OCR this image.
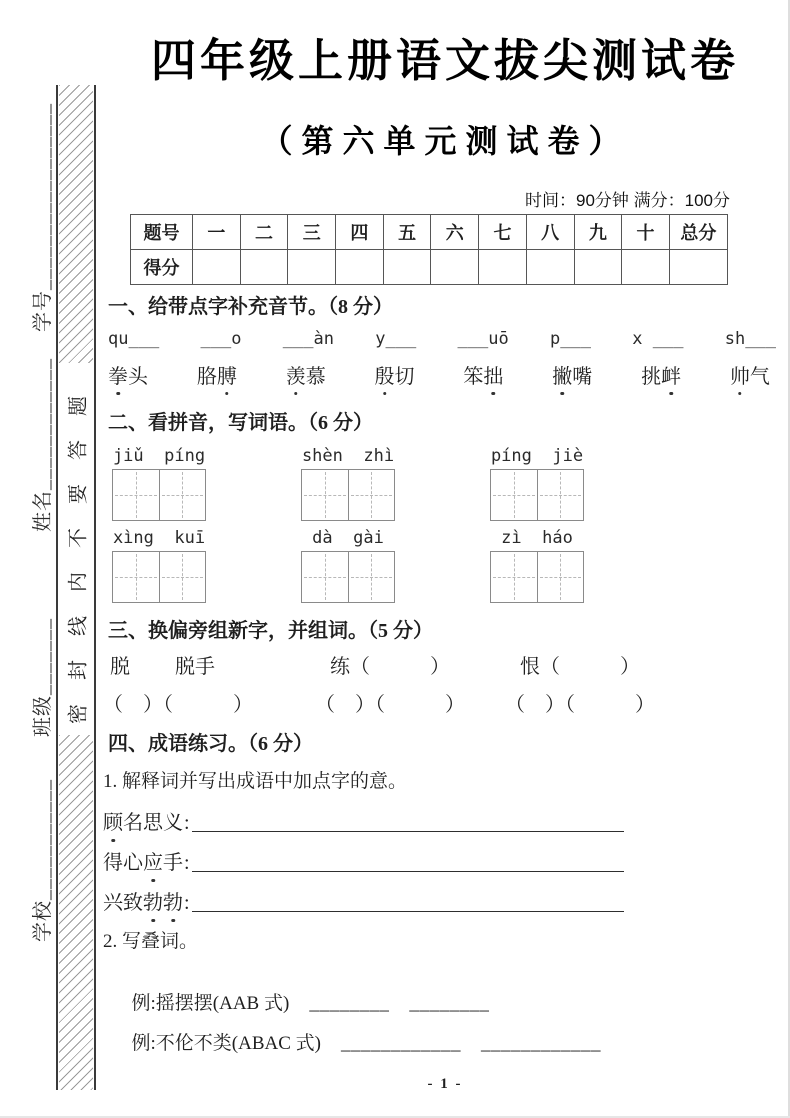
学号_________________
姓名____________
班级_______
学校___________
密封线内不要答题
四年级上册语文拔尖测试卷
（第六单元测试卷）
时间：90分钟 满分：100分
题号	一	二	三	四	五	六	七	八	九	十	总分
得分											
一、给带点字补充音节。（8 分）
qu___ ___o ___àn y___ ___uō p___ x ___ sh___
拳头 胳膊 羡慕 殷切 笨拙 撇嘴 挑衅 帅气
二、看拼音，写词语。（6 分）
jiǔ  píng	shèn  zhì	píng  jiè
xìng  kuī	dà  gài	zì  háo
三、换偏旁组新字，并组词。（5 分）
脱 脱手	练（　　　）	恨（　　　）
（　）（　　　）	（　）（　　　） （　）（　　　）
四、成语练习。（6 分）
1. 解释词并写出成语中加点字的意。
顾 名思义 :
得心 应 手 :
兴致 勃 勃 :
2. 写叠词。

例:摇摆摆(AAB 式) ________ ________

例:不伦不类(ABAC 式) ____________ ____________

- 1 -
